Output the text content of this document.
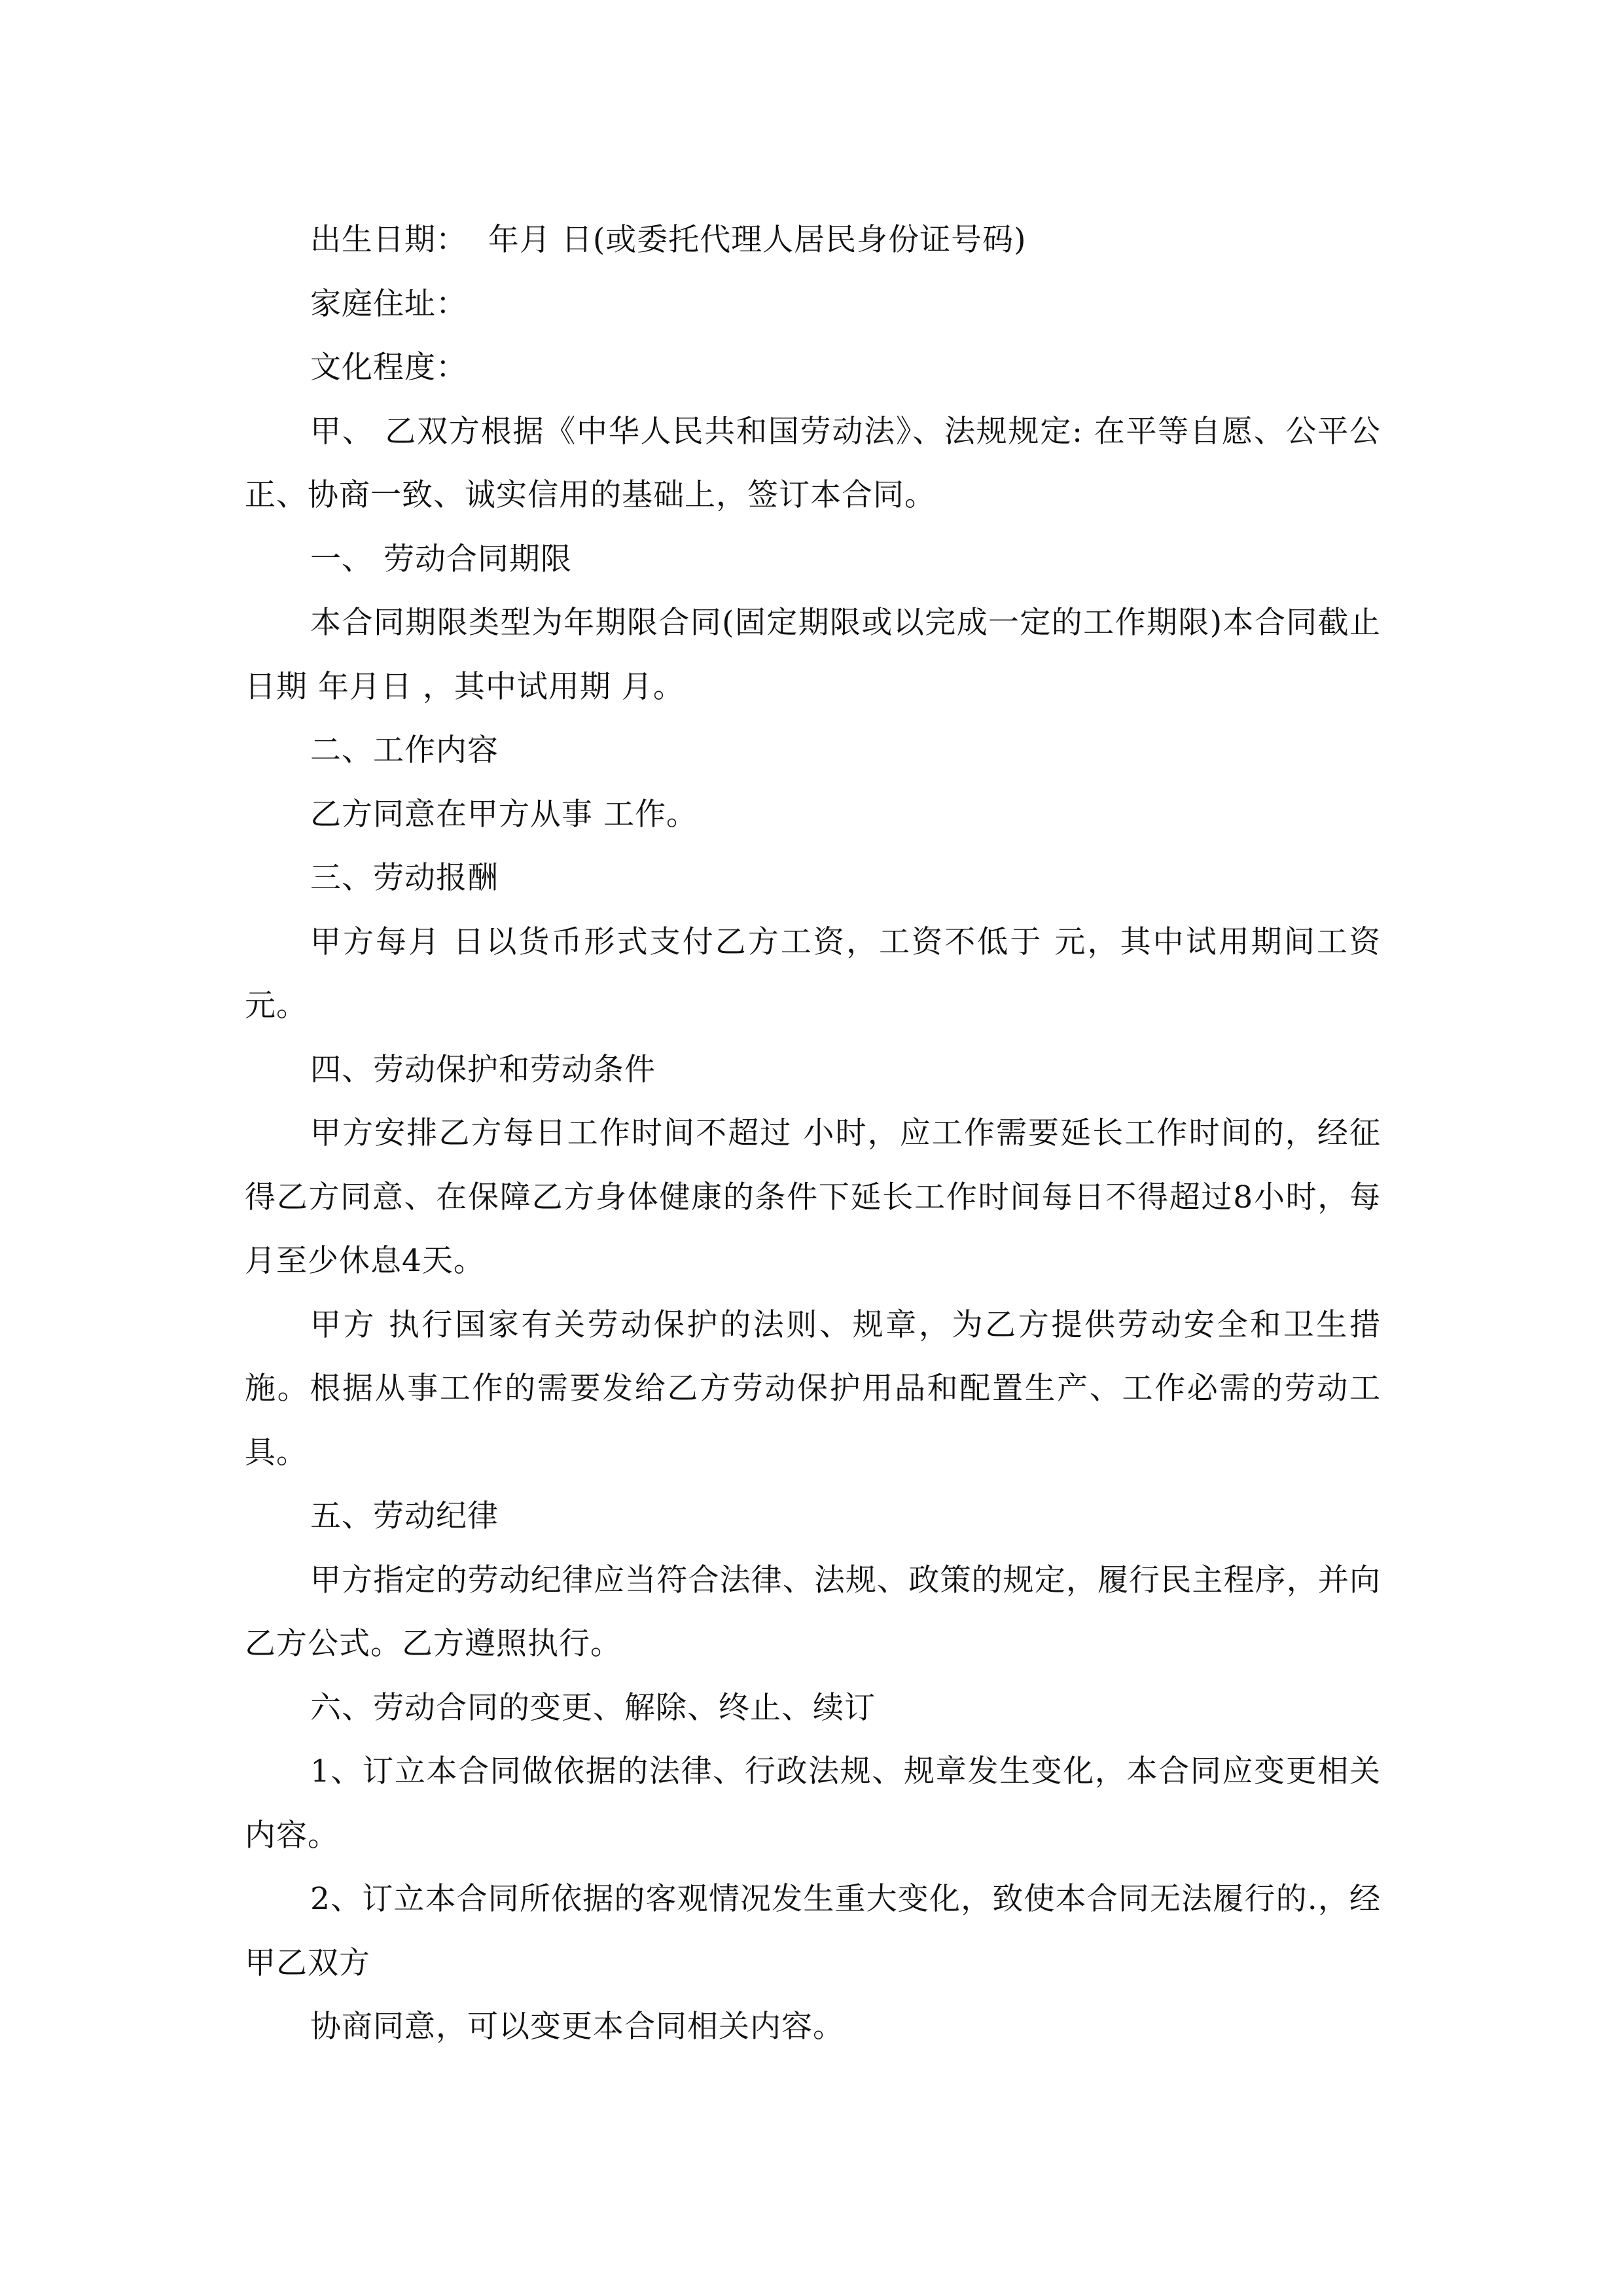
出生日期：  年月 日(或委托代理人居民身份证号码)

家庭住址：

文化程度：

甲、 乙双方根据《中华人民共和国劳动法》、法规规定: 在平等自愿、公平公正、协商一致、诚实信用的基础上，签订本合同。

一、 劳动合同期限

本合同期限类型为年期限合同(固定期限或以完成一定的工作期限)本合同截止日期 年月日 ，其中试用期 月。

二、工作内容

乙方同意在甲方从事 工作。

三、劳动报酬

甲方每月 日以货币形式支付乙方工资，工资不低于 元，其中试用期间工资元。

四、劳动保护和劳动条件

甲方安排乙方每日工作时间不超过 小时，应工作需要延长工作时间的，经征得乙方同意、在保障乙方身体健康的条件下延长工作时间每日不得超过8小时，每月至少休息4天。

甲方 执行国家有关劳动保护的法则、规章，为乙方提供劳动安全和卫生措施。根据从事工作的需要发给乙方劳动保护用品和配置生产、工作必需的劳动工具。

五、劳动纪律

甲方指定的劳动纪律应当符合法律、法规、政策的规定，履行民主程序，并向乙方公式。乙方遵照执行。

六、劳动合同的变更、解除、终止、续订

1、订立本合同做依据的法律、行政法规、规章发生变化，本合同应变更相关内容。

2、订立本合同所依据的客观情况发生重大变化，致使本合同无法履行的.，经甲乙双方

协商同意，可以变更本合同相关内容。
